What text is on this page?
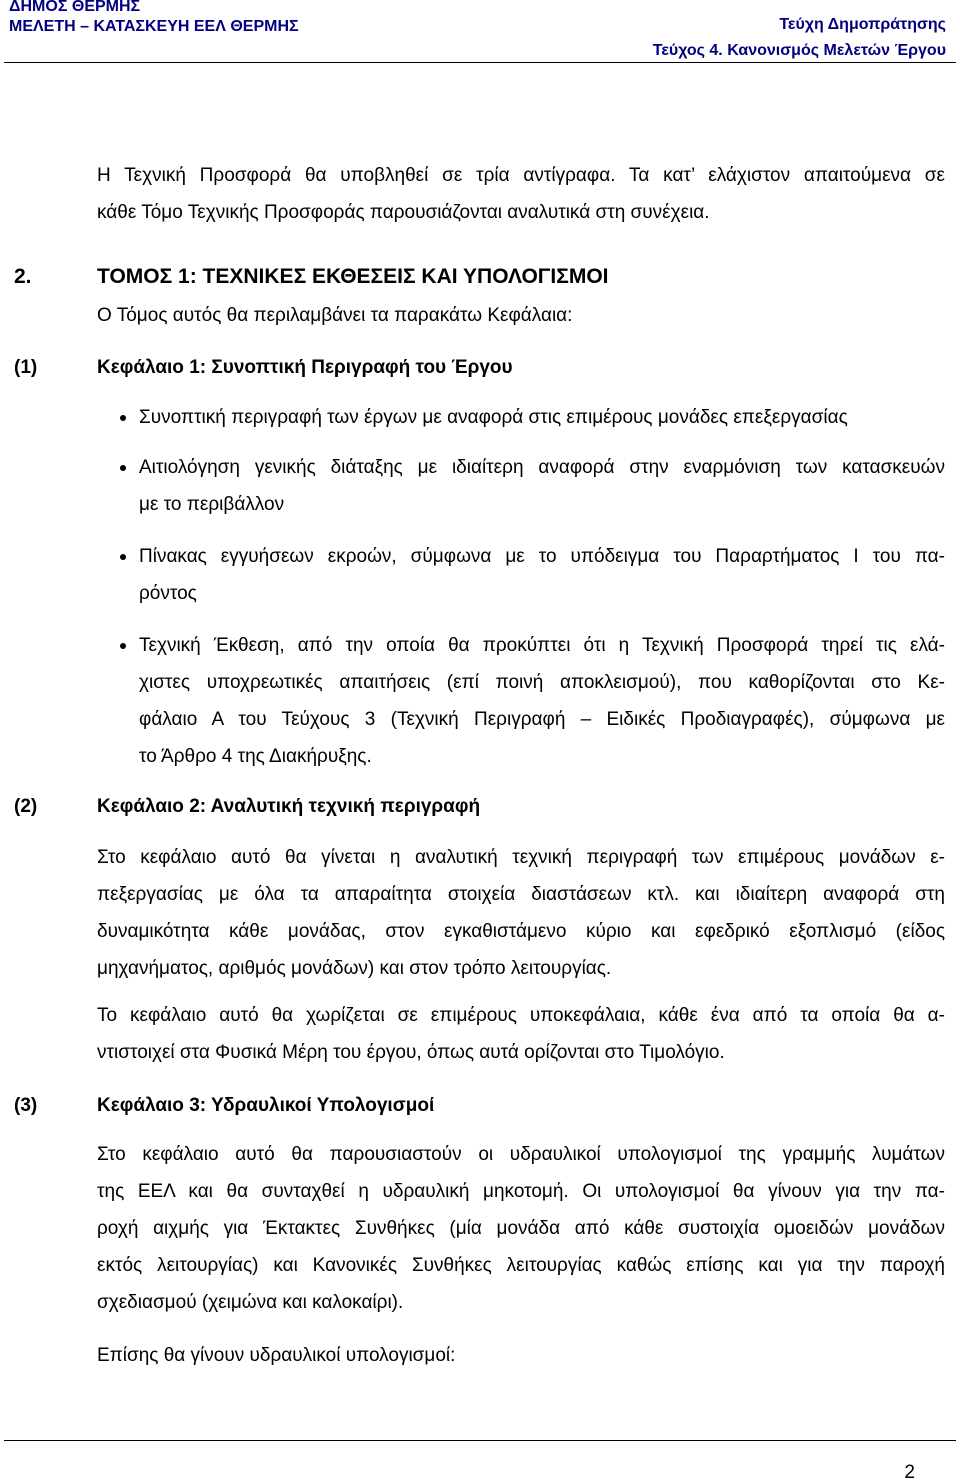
ΔΗΜΟΣ ΘΕΡΜΗΣ
ΜΕΛΕΤΗ – ΚΑΤΑΣΚΕΥΗ ΕΕΛ ΘΕΡΜΗΣ	Τεύχη Δημοπράτησης
Τεύχος 4. Κανονισμός Μελετών Έργου
Η Τεχνική Προσφορά θα υποβληθεί σε τρία αντίγραφα. Τα κατ’ ελάχιστον απαιτούμενα σε
κάθε Τόμο Τεχνικής Προσφοράς παρουσιάζονται αναλυτικά στη συνέχεια.
2.	ΤΟΜΟΣ 1: ΤΕΧΝΙΚΕΣ ΕΚΘΕΣΕΙΣ ΚΑΙ ΥΠΟΛΟΓΙΣΜΟΙ
Ο Τόμος αυτός θα περιλαμβάνει τα παρακάτω Κεφάλαια:
(1)	Κεφάλαιο 1: Συνοπτική Περιγραφή του Έργου
Συνοπτική περιγραφή των έργων με αναφορά στις επιμέρους μονάδες επεξεργασίας
Αιτιολόγηση γενικής διάταξης με ιδιαίτερη αναφορά στην εναρμόνιση των κατασκευών
με το περιβάλλον
Πίνακας εγγυήσεων εκροών, σύμφωνα με το υπόδειγμα του Παραρτήματος Ι του πα-
ρόντος
Τεχνική Έκθεση, από την οποία θα προκύπτει ότι η Τεχνική Προσφορά τηρεί τις ελά-
χιστες υποχρεωτικές απαιτήσεις (επί ποινή αποκλεισμού), που καθορίζονται στο Κε-
φάλαιο Α του Τεύχους 3 (Τεχνική Περιγραφή – Ειδικές Προδιαγραφές), σύμφωνα με
το Άρθρο 4 της Διακήρυξης.
(2)	Κεφάλαιο 2: Αναλυτική τεχνική περιγραφή
Στο κεφάλαιο αυτό θα γίνεται η αναλυτική τεχνική περιγραφή των επιμέρους μονάδων ε-
πεξεργασίας με όλα τα απαραίτητα στοιχεία διαστάσεων κτλ. και ιδιαίτερη αναφορά στη
δυναμικότητα κάθε μονάδας, στον εγκαθιστάμενο κύριο και εφεδρικό εξοπλισμό (είδος
μηχανήματος, αριθμός μονάδων) και στον τρόπο λειτουργίας.
Το κεφάλαιο αυτό θα χωρίζεται σε επιμέρους υποκεφάλαια, κάθε ένα από τα οποία θα α-
ντιστοιχεί στα Φυσικά Μέρη του έργου, όπως αυτά ορίζονται στο Τιμολόγιο.
(3)	Κεφάλαιο 3: Υδραυλικοί Υπολογισμοί
Στο κεφάλαιο αυτό θα παρουσιαστούν οι υδραυλικοί υπολογισμοί της γραμμής λυμάτων
της ΕΕΛ και θα συνταχθεί η υδραυλική μηκοτομή. Οι υπολογισμοί θα γίνουν για την πα-
ροχή αιχμής για Έκτακτες Συνθήκες (μία μονάδα από κάθε συστοιχία ομοειδών μονάδων
εκτός λειτουργίας) και Κανονικές Συνθήκες λειτουργίας καθώς επίσης και για την παροχή
σχεδιασμού (χειμώνα και καλοκαίρι).
Επίσης θα γίνουν υδραυλικοί υπολογισμοί:
2
